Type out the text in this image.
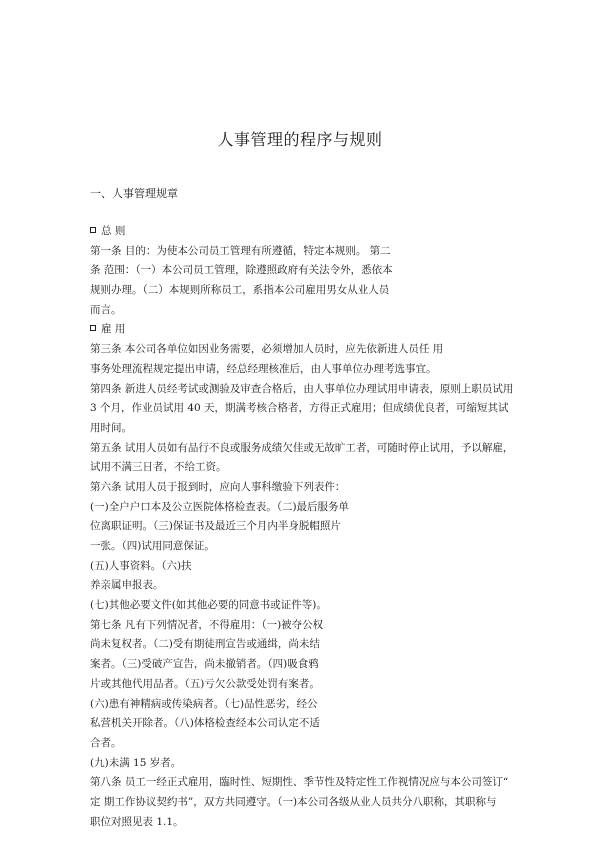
人事管理的程序与规则
一、人事管理规章
总 则
第一条 目的：为使本公司员工管理有所遵循，特定本规则。 第二
条 范围：（一）本公司员工管理，除遵照政府有关法令外，悉依本
规则办理。（二）本规则所称员工，系指本公司雇用男女从业人员
而言。
雇 用
第三条 本公司各单位如因业务需要，必须增加人员时，应先依新进人员任 用
事务处理流程规定提出申请，经总经理核准后，由人事单位办理考选事宜。
第四条 新进人员经考试或测验及审查合格后，由人事单位办理试用申请表，原则上职员试用
3 个月，作业员试用 40 天，期满考核合格者，方得正式雇用；但成绩优良者，可缩短其试
用时间。
第五条 试用人员如有品行不良或服务成绩欠佳或无故旷工者，可随时停止试用，予以解雇，
试用不满三日者，不给工资。
第六条 试用人员于报到时，应向人事科缴验下列表件：
(一)全户户口本及公立医院体格检查表。（二)最后服务单
位离职证明。（三)保证书及最近三个月内半身脱帽照片
一张。（四)试用同意保证。
(五)人事资料。（六)扶
养亲属申报表。
(七)其他必要文件(如其他必要的同意书或证件等)。
第七条 凡有下列情况者，不得雇用：（一)被夺公权
尚未复权者。（二)受有期徒刑宣告或通缉，尚未结
案者。（三)受破产宣告，尚未撤销者。（四)吸食鸦
片或其他代用品者。（五)亏欠公款受处罚有案者。
(六)患有神精病或传染病者。（七)品性恶劣，经公
私营机关开除者。（八)体格检查经本公司认定不适
合者。
(九)未满 15 岁者。
第八条 员工一经正式雇用，臨时性、短期性、季节性及特定性工作视情况应与本公司签订“
定 期工作协议契约书”，双方共同遵守。（一)本公司各级从业人员共分八职称，其职称与
职位对照见表 1.1。
